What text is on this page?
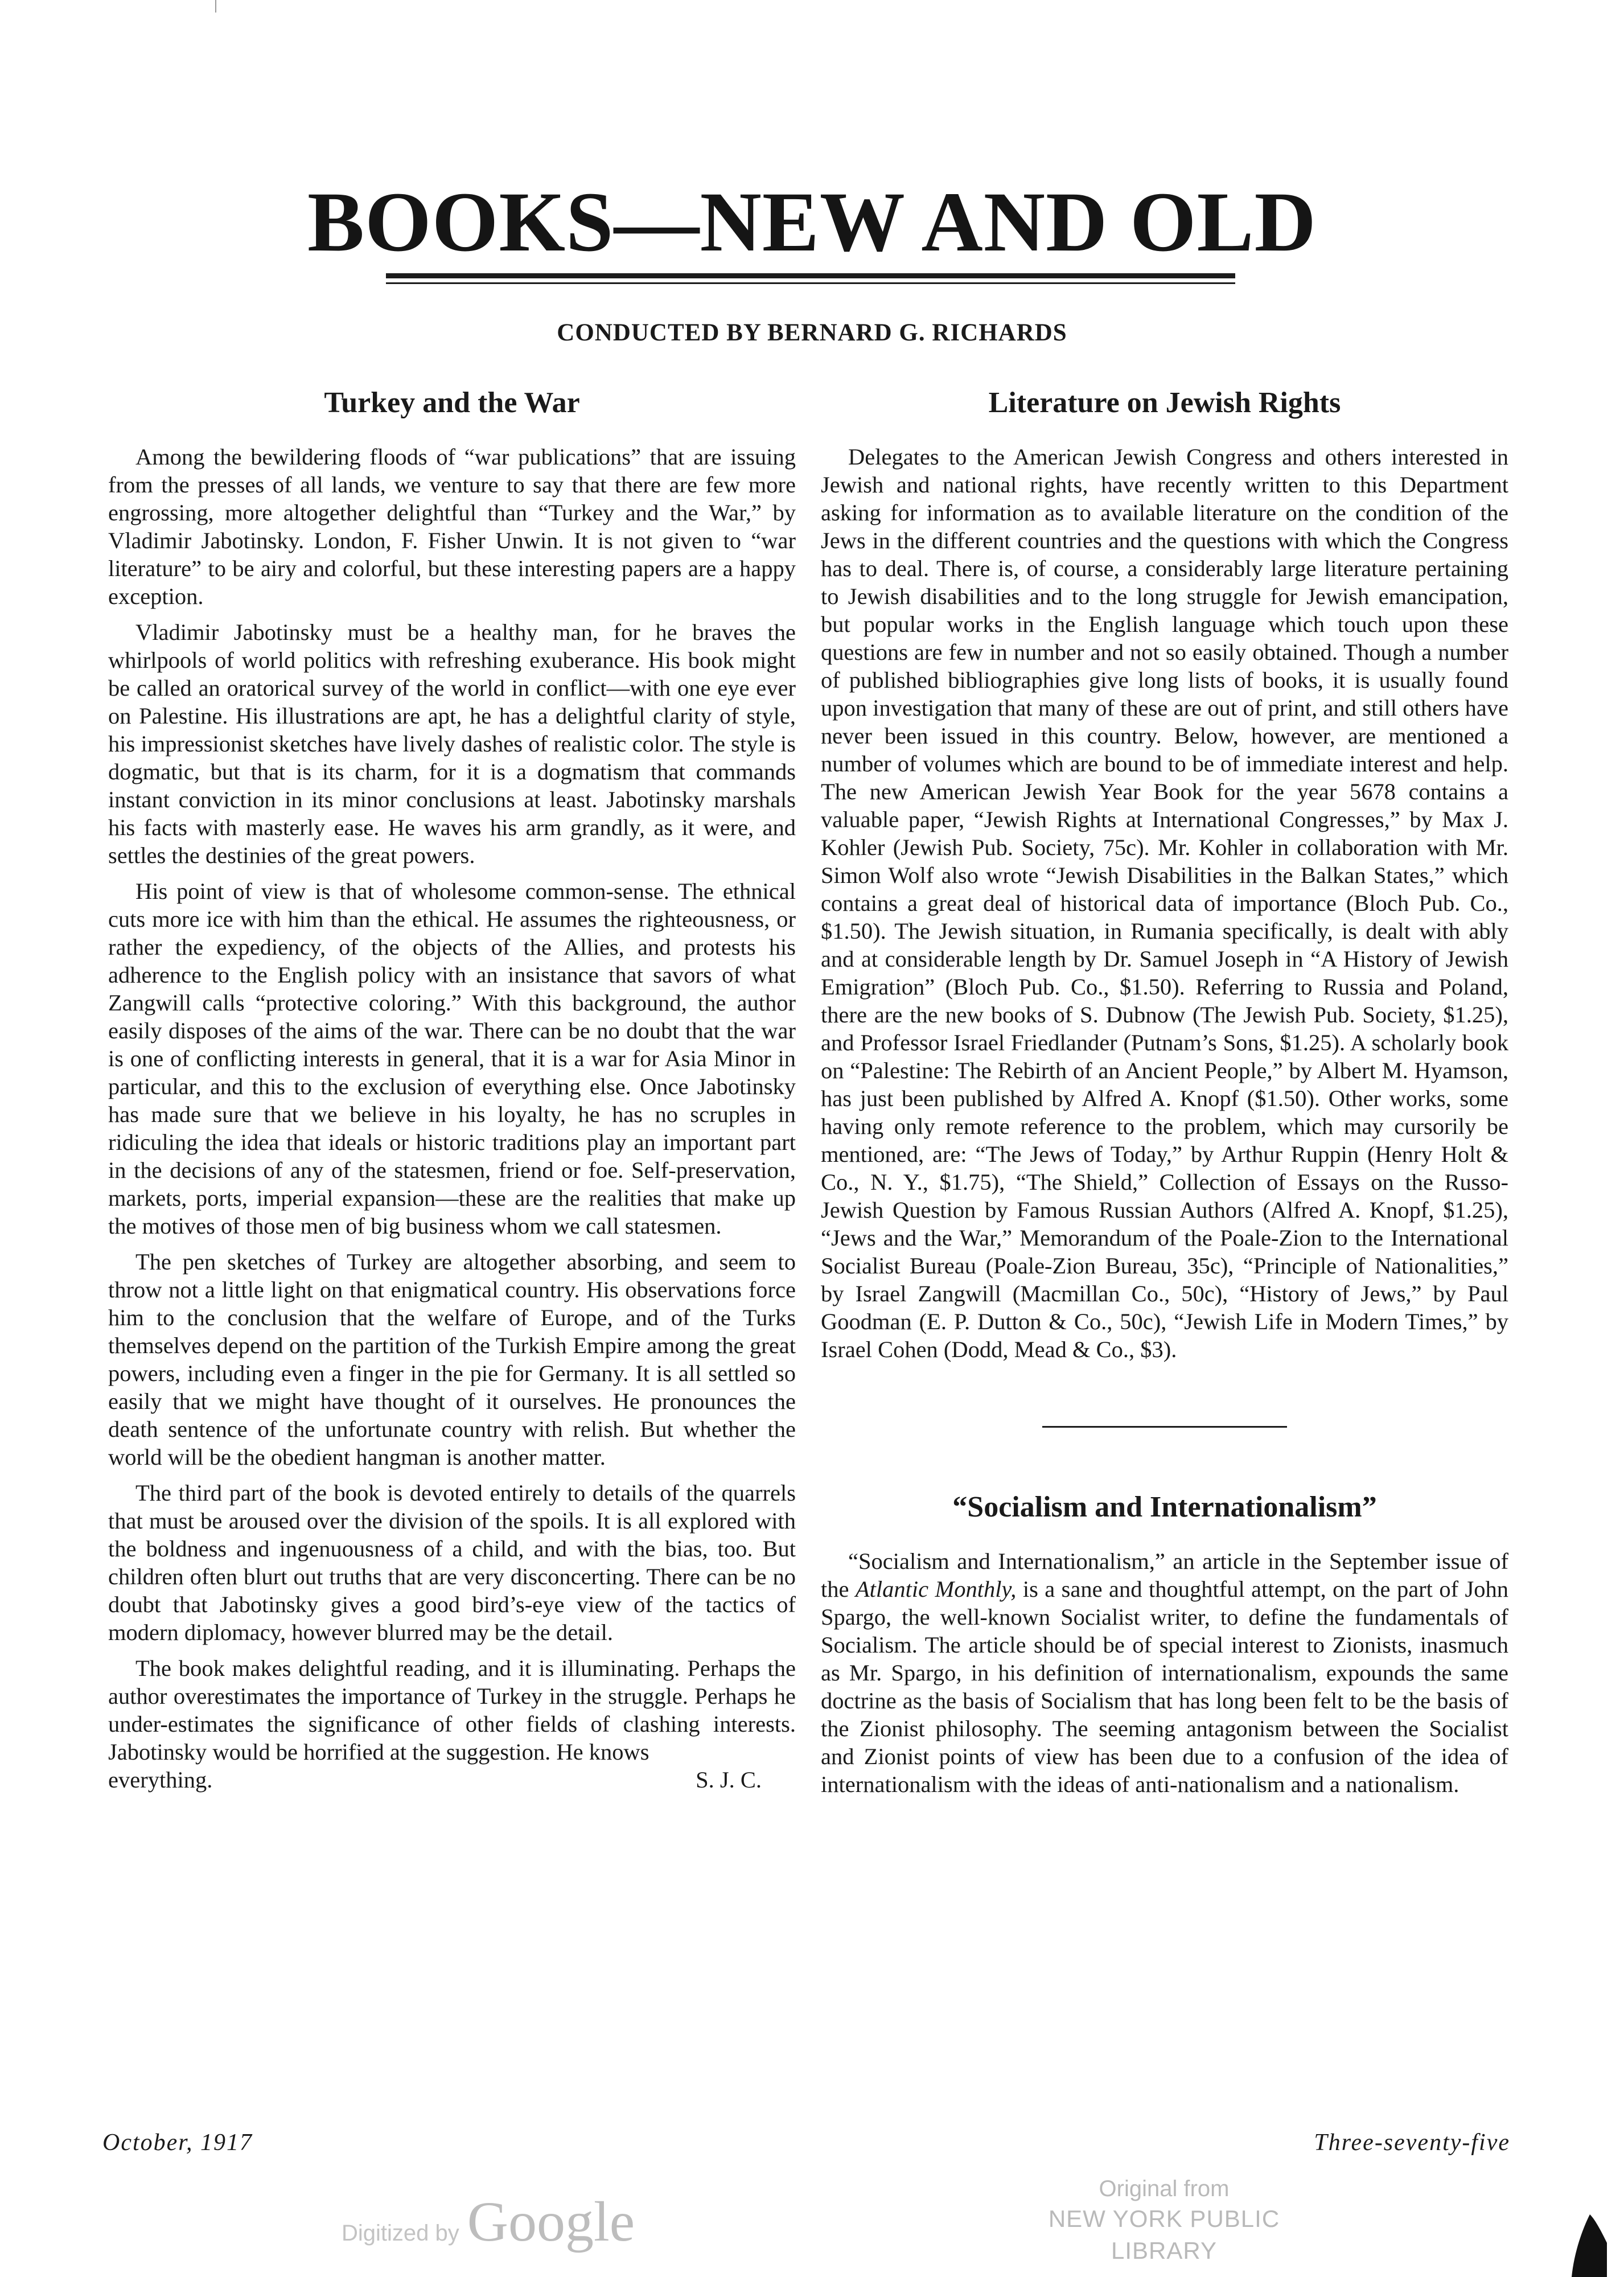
BOOKS—NEW AND OLD
CONDUCTED BY BERNARD G. RICHARDS
Turkey and the War

Among the bewildering floods of “war publications” that are issuing from the presses of all lands, we venture to say that there are few more engrossing, more altogether delightful than “Turkey and the War,” by Vladimir Jabotinsky. London, F. Fisher Unwin. It is not given to “war literature” to be airy and colorful, but these interesting papers are a happy exception.

Vladimir Jabotinsky must be a healthy man, for he braves the whirlpools of world politics with refreshing exuberance. His book might be called an oratorical survey of the world in conflict—with one eye ever on Palestine. His illustrations are apt, he has a delightful clarity of style, his impressionist sketches have lively dashes of realistic color. The style is dogmatic, but that is its charm, for it is a dogmatism that commands instant conviction in its minor conclusions at least. Jabotinsky marshals his facts with masterly ease. He waves his arm grandly, as it were, and settles the destinies of the great powers.

His point of view is that of wholesome common-sense. The ethnical cuts more ice with him than the ethical. He assumes the righteousness, or rather the expediency, of the objects of the Allies, and protests his adherence to the English policy with an insistance that savors of what Zangwill calls “protective coloring.” With this background, the author easily disposes of the aims of the war. There can be no doubt that the war is one of conflicting interests in general, that it is a war for Asia Minor in particular, and this to the exclusion of everything else. Once Jabotinsky has made sure that we believe in his loyalty, he has no scruples in ridiculing the idea that ideals or historic traditions play an important part in the decisions of any of the statesmen, friend or foe. Self-preservation, markets, ports, imperial expansion—these are the realities that make up the motives of those men of big business whom we call statesmen.

The pen sketches of Turkey are altogether absorbing, and seem to throw not a little light on that enigmatical country. His observations force him to the conclusion that the welfare of Europe, and of the Turks themselves depend on the partition of the Turkish Empire among the great powers, including even a finger in the pie for Germany. It is all settled so easily that we might have thought of it ourselves. He pronounces the death sentence of the unfortunate country with relish. But whether the world will be the obedient hangman is another matter.

The third part of the book is devoted entirely to details of the quarrels that must be aroused over the division of the spoils. It is all explored with the boldness and ingenuousness of a child, and with the bias, too. But children often blurt out truths that are very disconcerting. There can be no doubt that Jabotinsky gives a good bird’s-eye view of the tactics of modern diplomacy, however blurred may be the detail.

The book makes delightful reading, and it is illuminating. Perhaps the author overestimates the importance of Turkey in the struggle. Perhaps he under-estimates the significance of other fields of clashing interests. Jabotinsky would be horrified at the suggestion. He knows

everything.	S. J. C.
Literature on Jewish Rights

Delegates to the American Jewish Congress and others interested in Jewish and national rights, have recently written to this Department asking for information as to available literature on the condition of the Jews in the different countries and the questions with which the Congress has to deal. There is, of course, a considerably large literature pertaining to Jewish disabilities and to the long struggle for Jewish emancipation, but popular works in the English language which touch upon these questions are few in number and not so easily obtained. Though a number of published bibliographies give long lists of books, it is usually found upon investigation that many of these are out of print, and still others have never been issued in this country. Below, however, are mentioned a number of volumes which are bound to be of immediate interest and help. The new American Jewish Year Book for the year 5678 contains a valuable paper, “Jewish Rights at International Congresses,” by Max J. Kohler (Jewish Pub. Society, 75c). Mr. Kohler in collaboration with Mr. Simon Wolf also wrote “Jewish Disabilities in the Balkan States,” which contains a great deal of historical data of importance (Bloch Pub. Co., $1.50). The Jewish situation, in Rumania specifically, is dealt with ably and at considerable length by Dr. Samuel Joseph in “A History of Jewish Emigration” (Bloch Pub. Co., $1.50). Referring to Russia and Poland, there are the new books of S. Dubnow (The Jewish Pub. Society, $1.25), and Professor Israel Friedlander (Putnam’s Sons, $1.25). A scholarly book on “Palestine: The Rebirth of an Ancient People,” by Albert M. Hyamson, has just been published by Alfred A. Knopf ($1.50). Other works, some having only remote reference to the problem, which may cursorily be mentioned, are: “The Jews of Today,” by Arthur Ruppin (Henry Holt & Co., N. Y., $1.75), “The Shield,” Collection of Essays on the Russo-Jewish Question by Famous Russian Authors (Alfred A. Knopf, $1.25), “Jews and the War,” Memorandum of the Poale-Zion to the International Socialist Bureau (Poale-Zion Bureau, 35c), “Principle of Nationalities,” by Israel Zangwill (Macmillan Co., 50c), “History of Jews,” by Paul Goodman (E. P. Dutton & Co., 50c), “Jewish Life in Modern Times,” by Israel Cohen (Dodd, Mead & Co., $3).

“Socialism and Internationalism”

“Socialism and Internationalism,” an article in the September issue of the Atlantic Monthly, is a sane and thoughtful attempt, on the part of John Spargo, the well-known Socialist writer, to define the fundamentals of Socialism. The article should be of special interest to Zionists, inasmuch as Mr. Spargo, in his definition of internationalism, expounds the same doctrine as the basis of Socialism that has long been felt to be the basis of the Zionist philosophy. The seeming antagonism between the Socialist and Zionist points of view has been due to a confusion of the idea of internationalism with the ideas of anti-nationalism and a nationalism.

October, 1917	Three-seventy-five
Digitized by Google
Original from
NEW YORK PUBLIC LIBRARY
